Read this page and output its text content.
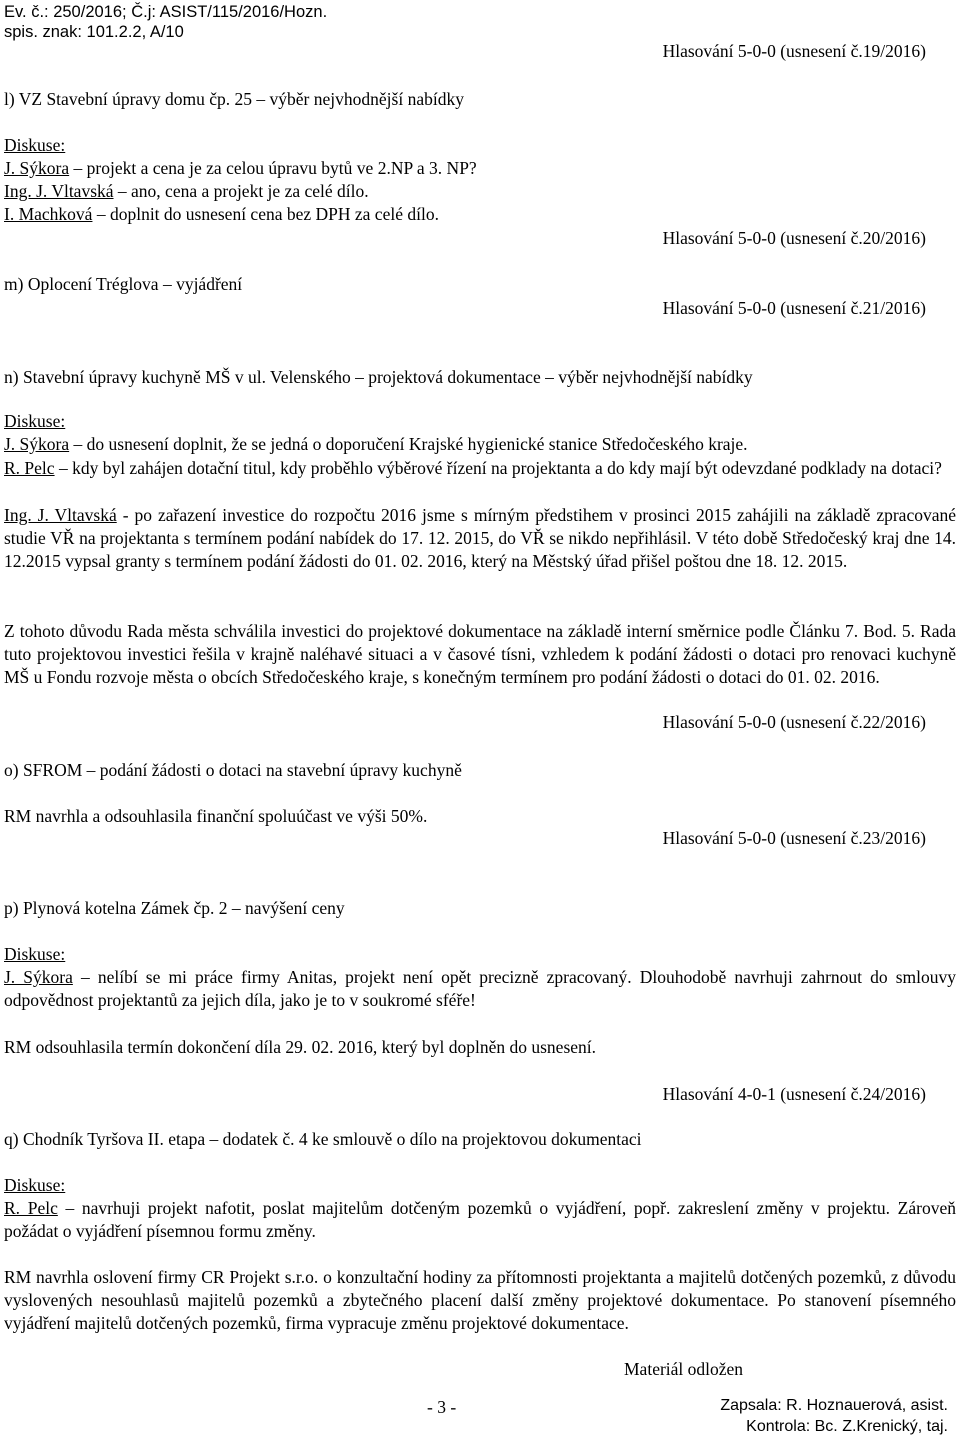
Ev. č.: 250/2016; Č.j: ASIST/115/2016/Hozn.
spis. znak: 101.2.2, A/10
Hlasování 5-0-0 (usnesení č.19/2016)
l) VZ Stavební úpravy domu čp. 25 – výběr nejvhodnější nabídky
Diskuse:
J. Sýkora – projekt a cena je za celou úpravu bytů ve 2.NP a 3. NP?
Ing. J. Vltavská – ano, cena a projekt je za celé dílo.
I. Machková – doplnit do usnesení cena bez DPH za celé dílo.
Hlasování 5-0-0 (usnesení č.20/2016)
m) Oplocení Tréglova – vyjádření
Hlasování 5-0-0 (usnesení č.21/2016)
n) Stavební úpravy kuchyně MŠ v ul. Velenského – projektová dokumentace – výběr nejvhodnější nabídky
Diskuse:
J. Sýkora – do usnesení doplnit, že se jedná o doporučení Krajské hygienické stanice Středočeského kraje.
R. Pelc – kdy byl zahájen dotační titul, kdy proběhlo výběrové řízení na projektanta a do kdy mají být odevzdané podklady na dotaci?
Ing. J. Vltavská - po zařazení investice do rozpočtu 2016 jsme s mírným předstihem v prosinci 2015 zahájili na základě zpracované studie VŘ na projektanta s termínem podání nabídek do 17. 12. 2015, do VŘ se nikdo nepřihlásil. V této době Středočeský kraj dne 14. 12.2015 vypsal granty s termínem podání žádosti do 01. 02. 2016, který na Městský úřad přišel poštou dne 18. 12. 2015.
Z tohoto důvodu Rada města schválila investici do projektové dokumentace na základě interní směrnice podle Článku 7. Bod. 5. Rada tuto projektovou investici řešila v krajně naléhavé situaci a v časové tísni, vzhledem k podání žádosti o dotaci pro renovaci kuchyně MŠ u Fondu rozvoje města o obcích Středočeského kraje, s konečným termínem pro podání žádosti o dotaci do 01. 02. 2016.
Hlasování 5-0-0 (usnesení č.22/2016)
o) SFROM – podání žádosti o dotaci na stavební úpravy kuchyně
RM navrhla a odsouhlasila finanční spoluúčast ve výši 50%.
Hlasování 5-0-0 (usnesení č.23/2016)
p) Plynová kotelna Zámek čp. 2 – navýšení ceny
Diskuse:
J. Sýkora – nelíbí se mi práce firmy Anitas, projekt není opět precizně zpracovaný. Dlouhodobě navrhuji zahrnout do smlouvy odpovědnost projektantů za jejich díla, jako je to v soukromé sféře!
RM odsouhlasila termín dokončení díla 29. 02. 2016, který byl doplněn do usnesení.
Hlasování 4-0-1 (usnesení č.24/2016)
q) Chodník Tyršova II. etapa – dodatek č. 4 ke smlouvě o dílo na projektovou dokumentaci
Diskuse:
R. Pelc – navrhuji projekt nafotit, poslat majitelům dotčeným pozemků o vyjádření, popř. zakreslení změny v projektu. Zároveň požádat o vyjádření písemnou formu změny.
RM navrhla oslovení firmy CR Projekt s.r.o. o konzultační hodiny za přítomnosti projektanta a majitelů dotčených pozemků, z důvodu vyslovených nesouhlasů majitelů pozemků a zbytečného placení další změny projektové dokumentace. Po stanovení písemného vyjádření majitelů dotčených pozemků, firma vypracuje změnu projektové dokumentace.
Materiál odložen
- 3 -	Zapsala: R. Hoznauerová, asist.
Kontrola: Bc. Z.Krenický, taj.
